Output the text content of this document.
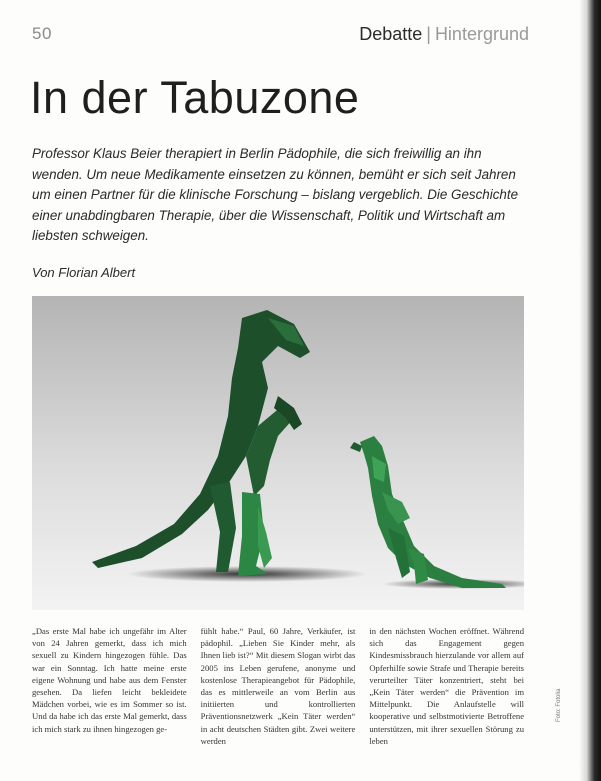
50	Debatte | Hintergrund
In der Tabuzone

Professor Klaus Beier therapiert in Berlin Pädophile, die sich freiwillig an ihn wenden. Um neue Medikamente einsetzen zu können, bemüht er sich seit Jahren um einen Partner für die klinische Forschung – bislang vergeblich. Die Geschichte einer unabdingbaren Therapie, über die Wissenschaft, Politik und Wirtschaft am liebsten schweigen.

Von Florian Albert

„Das erste Mal habe ich ungefähr im Alter von 24 Jahren gemerkt, dass ich mich sexuell zu Kindern hingezogen fühle. Das war ein Sonntag. Ich hatte meine erste eigene Wohnung und habe aus dem Fenster gesehen. Da liefen leicht bekleidete Mädchen vorbei, wie es im Sommer so ist. Und da habe ich das erste Mal gemerkt, dass ich mich stark zu ihnen hingezogen ge-

fühlt habe.“ Paul, 60 Jahre, Verkäufer, ist pädophil. „Lieben Sie Kinder mehr, als Ihnen lieb ist?“ Mit diesem Slogan wirbt das 2005 ins Leben gerufene, anonyme und kostenlose Therapieangebot für Pädophile, das es mittlerweile an vom Berlin aus initiierten und kontrollierten Präventionsnetzwerk „Kein Täter werden“ in acht deutschen Städten gibt. Zwei weitere werden

in den nächsten Wochen eröffnet. Während sich das Engagement gegen Kindesmissbrauch hierzulande vor allem auf Opferhilfe sowie Strafe und Therapie bereits verurteilter Täter konzentriert, steht bei „Kein Täter werden“ die Prävention im Mittelpunkt. Die Anlaufstelle will kooperative und selbstmotivierte Betroffene unterstützen, mit ihrer sexuellen Störung zu leben

Foto: Fotolia
